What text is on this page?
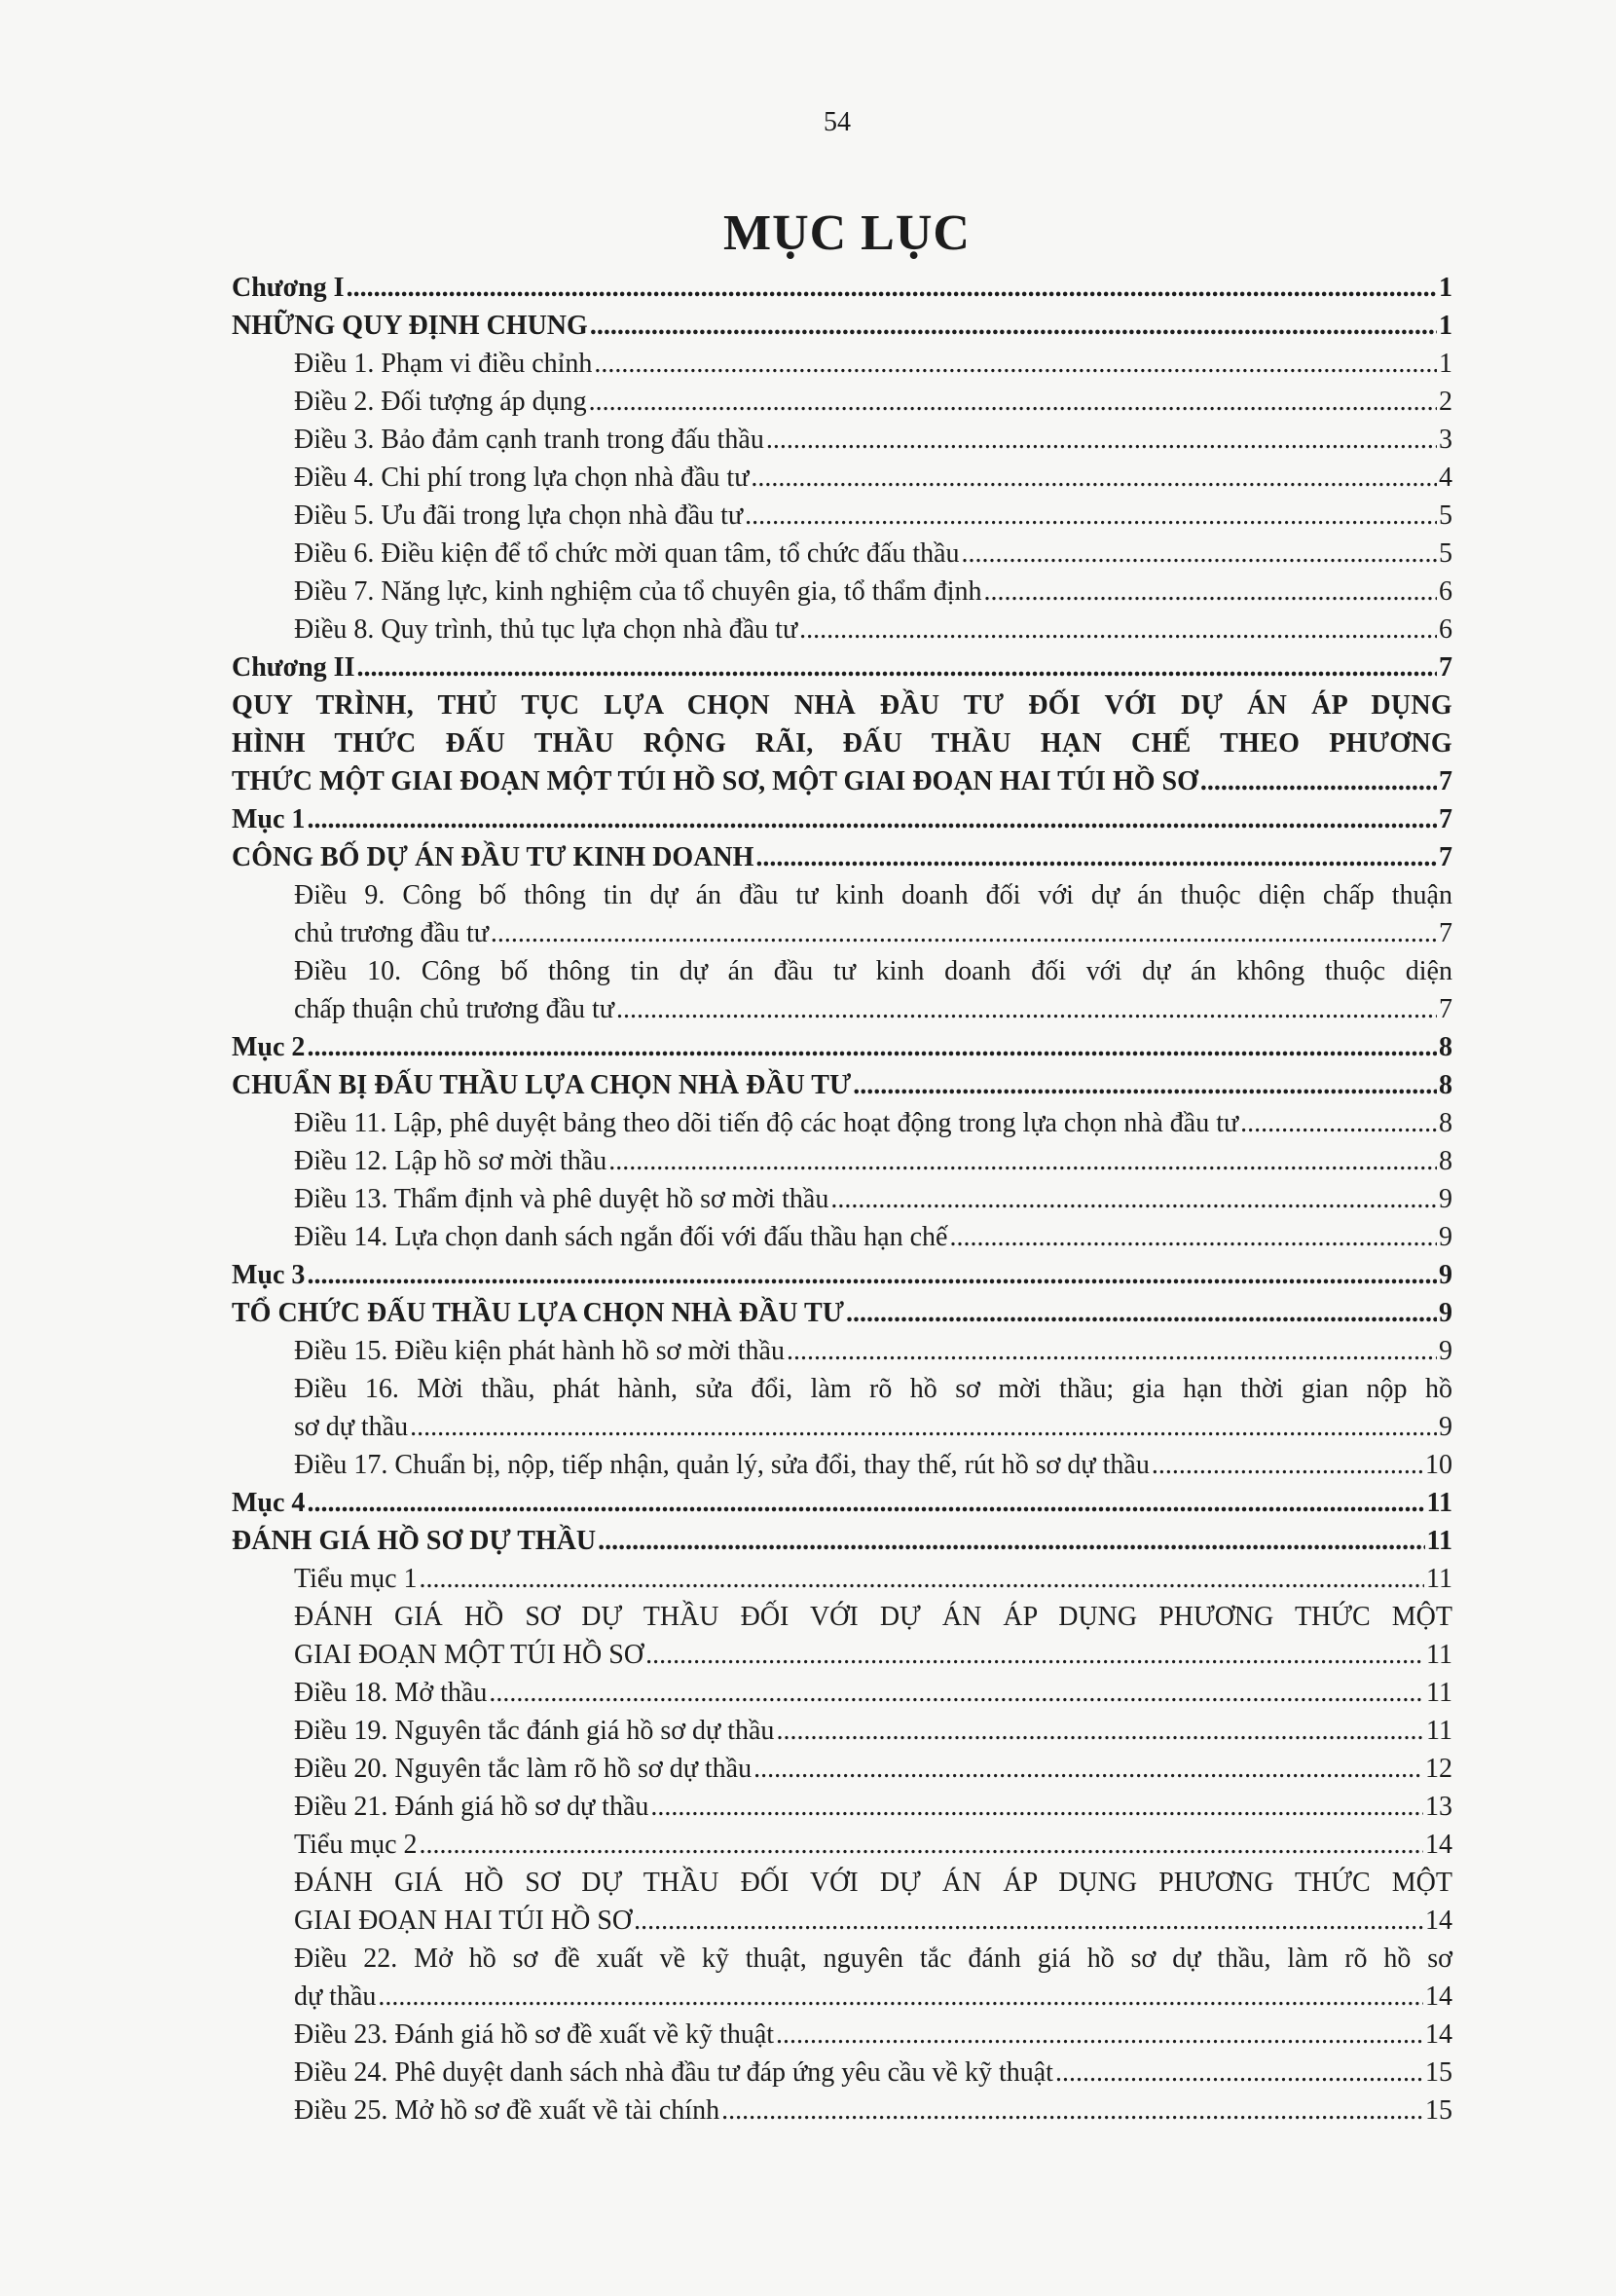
54
MỤC LỤC
Chương I .....	1
NHỮNG QUY ĐỊNH CHUNG .....	1
Điều 1. Phạm vi điều chỉnh .....	1
Điều 2. Đối tượng áp dụng .....	2
Điều 3. Bảo đảm cạnh tranh trong đấu thầu .....	3
Điều 4. Chi phí trong lựa chọn nhà đầu tư .....	4
Điều 5. Ưu đãi trong lựa chọn nhà đầu tư .....	5
Điều 6. Điều kiện để tổ chức mời quan tâm, tổ chức đấu thầu .....	5
Điều 7. Năng lực, kinh nghiệm của tổ chuyên gia, tổ thẩm định .....	6
Điều 8. Quy trình, thủ tục lựa chọn nhà đầu tư .....	6
Chương II .....	7
QUY TRÌNH, THỦ TỤC LỰA CHỌN NHÀ ĐẦU TƯ ĐỐI VỚI DỰ ÁN ÁP DỤNG
HÌNH THỨC ĐẤU THẦU RỘNG RÃI, ĐẤU THẦU HẠN CHẾ THEO PHƯƠNG
THỨC MỘT GIAI ĐOẠN MỘT TÚI HỒ SƠ, MỘT GIAI ĐOẠN HAI TÚI HỒ SƠ .....	7
Mục 1 .....	7
CÔNG BỐ DỰ ÁN ĐẦU TƯ KINH DOANH .....	7
Điều 9. Công bố thông tin dự án đầu tư kinh doanh đối với dự án thuộc diện chấp thuận
chủ trương đầu tư .....	7
Điều 10. Công bố thông tin dự án đầu tư kinh doanh đối với dự án không thuộc diện
chấp thuận chủ trương đầu tư .....	7
Mục 2 .....	8
CHUẨN BỊ ĐẤU THẦU LỰA CHỌN NHÀ ĐẦU TƯ .....	8
Điều 11. Lập, phê duyệt bảng theo dõi tiến độ các hoạt động trong lựa chọn nhà đầu tư .....	8
Điều 12. Lập hồ sơ mời thầu .....	8
Điều 13. Thẩm định và phê duyệt hồ sơ mời thầu .....	9
Điều 14. Lựa chọn danh sách ngắn đối với đấu thầu hạn chế .....	9
Mục 3 .....	9
TỔ CHỨC ĐẤU THẦU LỰA CHỌN NHÀ ĐẦU TƯ .....	9
Điều 15. Điều kiện phát hành hồ sơ mời thầu .....	9
Điều 16. Mời thầu, phát hành, sửa đổi, làm rõ hồ sơ mời thầu; gia hạn thời gian nộp hồ
sơ dự thầu .....	9
Điều 17. Chuẩn bị, nộp, tiếp nhận, quản lý, sửa đổi, thay thế, rút hồ sơ dự thầu .....	10
Mục 4 .....	11
ĐÁNH GIÁ HỒ SƠ DỰ THẦU .....	11
Tiểu mục 1 .....	11
ĐÁNH GIÁ HỒ SƠ DỰ THẦU ĐỐI VỚI DỰ ÁN ÁP DỤNG PHƯƠNG THỨC MỘT
GIAI ĐOẠN MỘT TÚI HỒ SƠ .....	11
Điều 18. Mở thầu .....	11
Điều 19. Nguyên tắc đánh giá hồ sơ dự thầu .....	11
Điều 20. Nguyên tắc làm rõ hồ sơ dự thầu .....	12
Điều 21. Đánh giá hồ sơ dự thầu .....	13
Tiểu mục 2 .....	14
ĐÁNH GIÁ HỒ SƠ DỰ THẦU ĐỐI VỚI DỰ ÁN ÁP DỤNG PHƯƠNG THỨC MỘT
GIAI ĐOẠN HAI TÚI HỒ SƠ .....	14
Điều 22. Mở hồ sơ đề xuất về kỹ thuật, nguyên tắc đánh giá hồ sơ dự thầu, làm rõ hồ sơ
dự thầu .....	14
Điều 23. Đánh giá hồ sơ đề xuất về kỹ thuật .....	14
Điều 24. Phê duyệt danh sách nhà đầu tư đáp ứng yêu cầu về kỹ thuật .....	15
Điều 25. Mở hồ sơ đề xuất về tài chính .....	15
